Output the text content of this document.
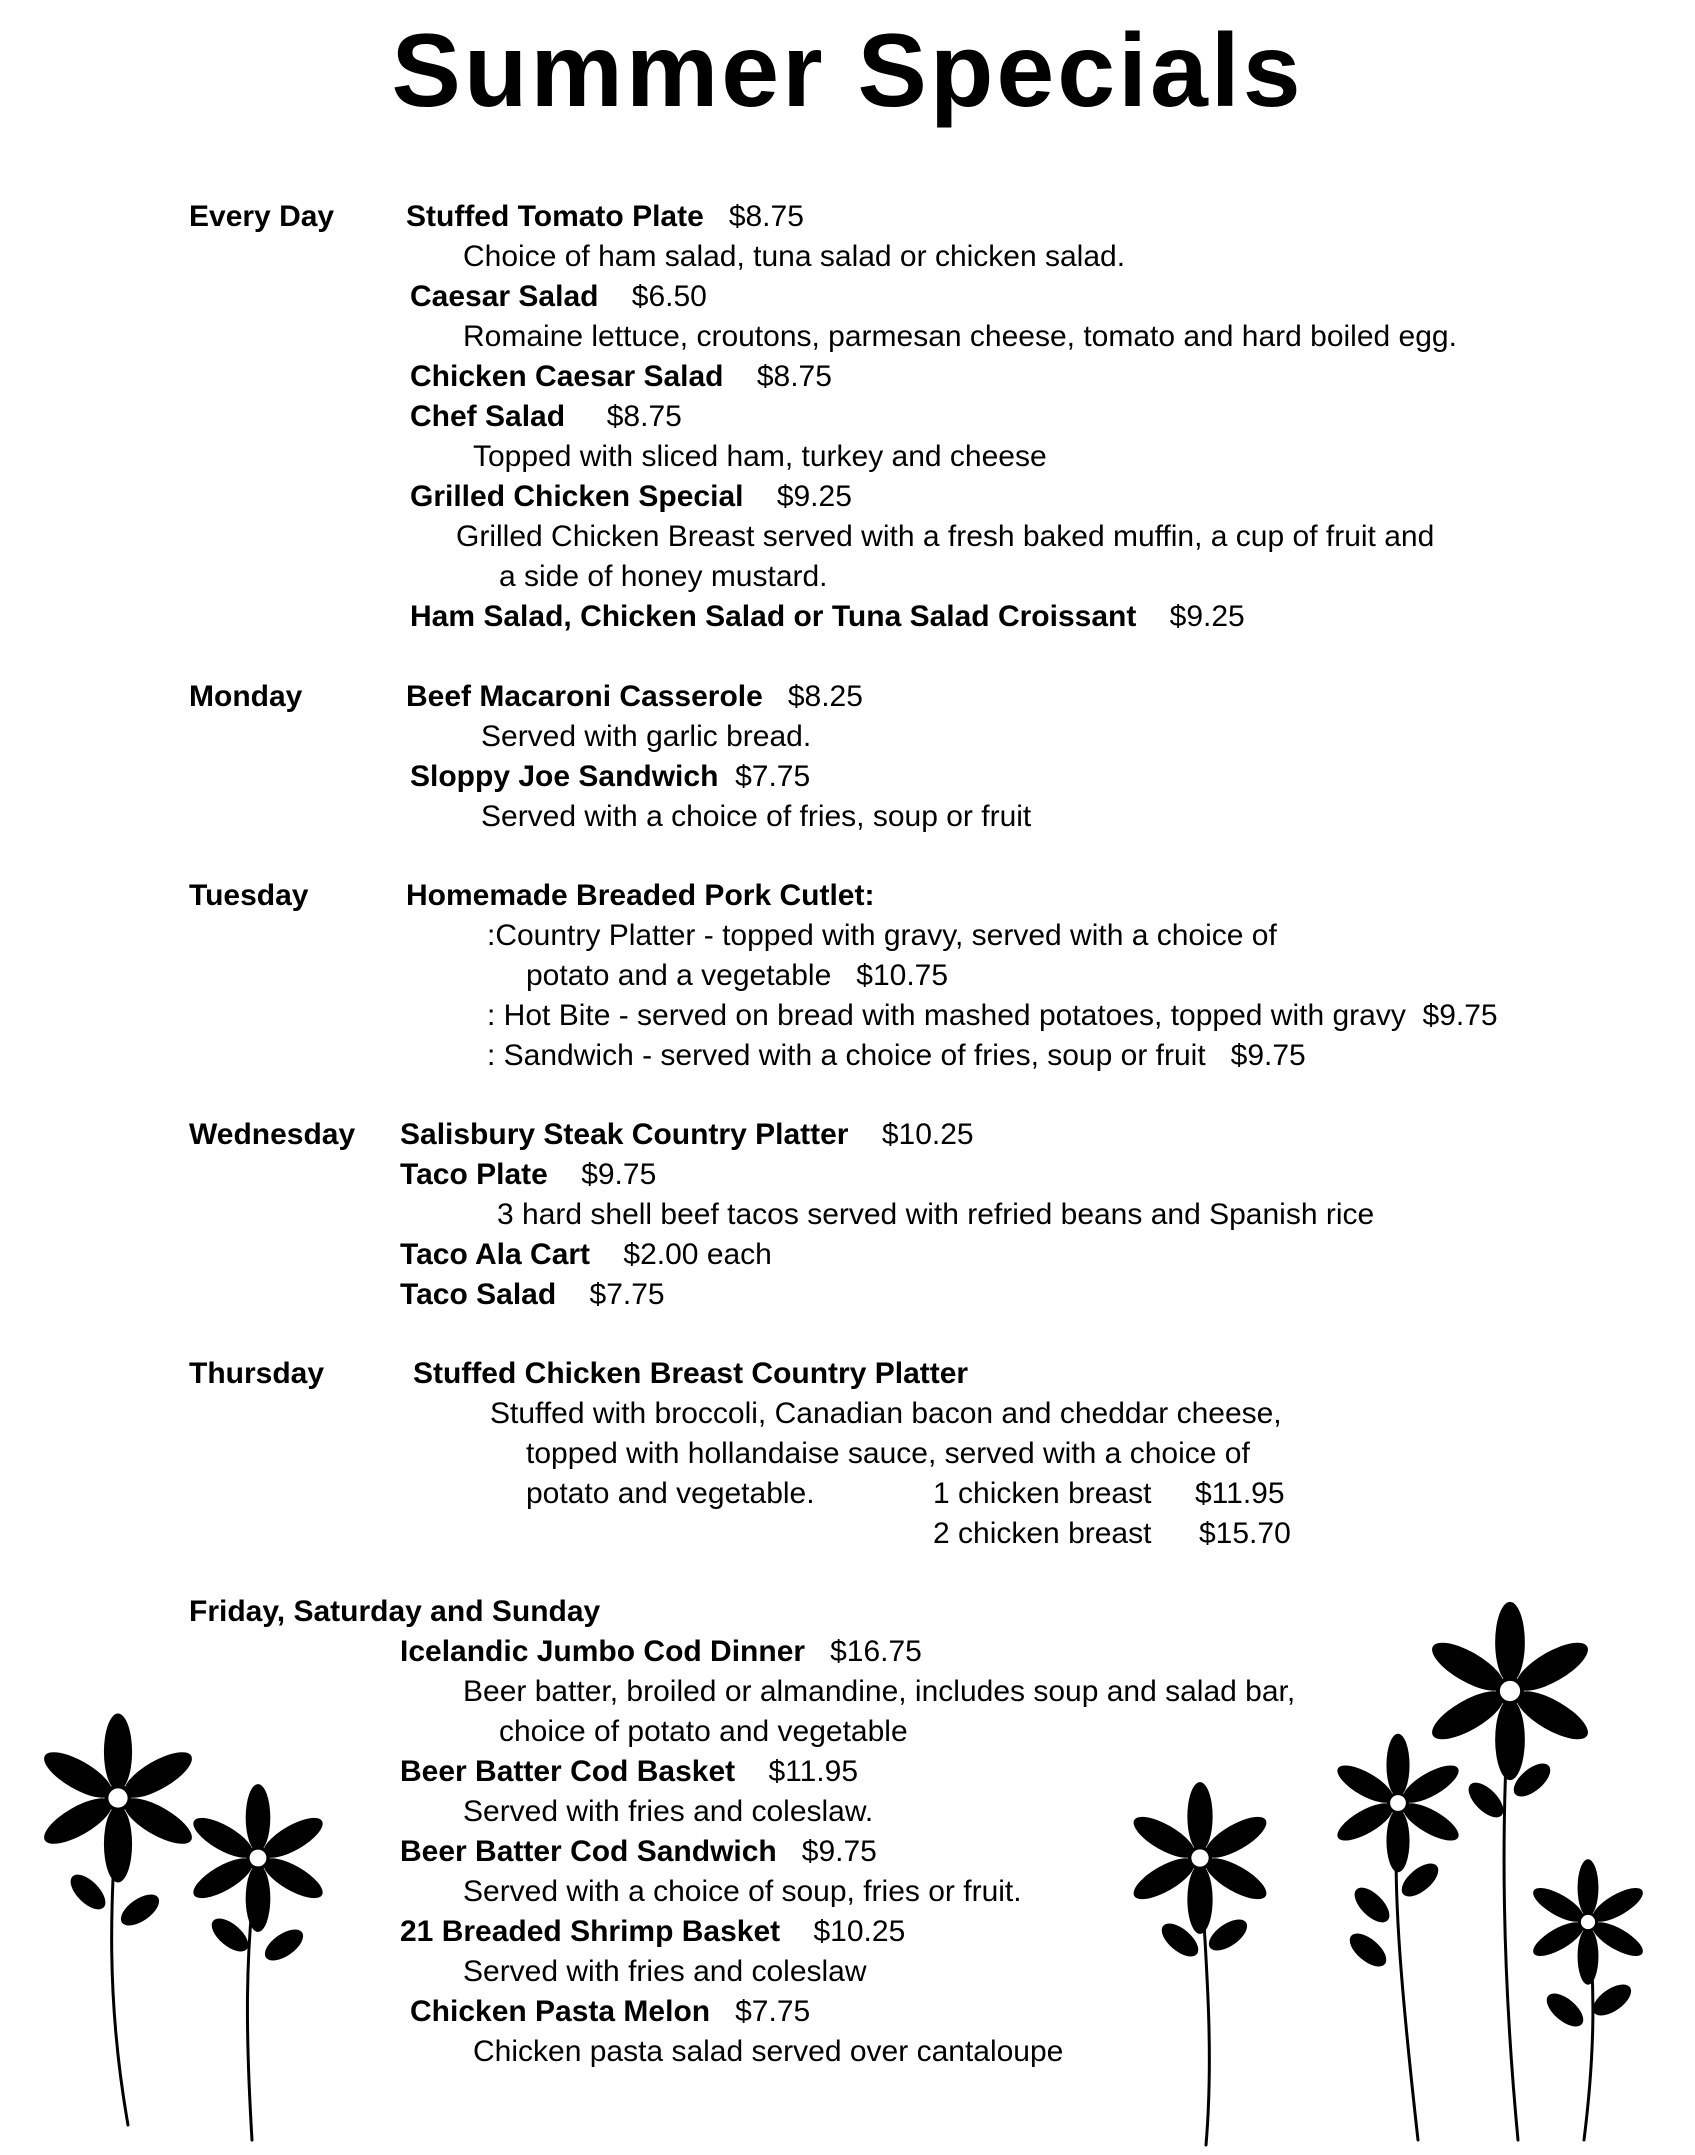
Summer Specials
Every Day Stuffed Tomato Plate $8.75
Choice of ham salad, tuna salad or chicken salad.
Caesar Salad $6.50
Romaine lettuce, croutons, parmesan cheese, tomato and hard boiled egg.
Chicken Caesar Salad $8.75
Chef Salad $8.75
Topped with sliced ham, turkey and cheese
Grilled Chicken Special $9.25
Grilled Chicken Breast served with a fresh baked muffin, a cup of fruit and
a side of honey mustard.
Ham Salad, Chicken Salad or Tuna Salad Croissant $9.25
Monday	Beef Macaroni Casserole $8.25
Served with garlic bread.
Sloppy Joe Sandwich $7.75
Served with a choice of fries, soup or fruit
Tuesday	Homemade Breaded Pork Cutlet:
:Country Platter - topped with gravy, served with a choice of
potato and a vegetable $10.75
: Hot Bite - served on bread with mashed potatoes, topped with gravy $9.75
: Sandwich - served with a choice of fries, soup or fruit $9.75
Wednesday Salisbury Steak Country Platter $10.25
Taco Plate $9.75
3 hard shell beef tacos served with refried beans and Spanish rice
Taco Ala Cart $2.00 each
Taco Salad $7.75
Thursday	Stuffed Chicken Breast Country Platter
Stuffed with broccoli, Canadian bacon and cheddar cheese,
topped with hollandaise sauce, served with a choice of
potato and vegetable.	1 chicken breast $11.95
2 chicken breast $15.70
Friday, Saturday and Sunday
Icelandic Jumbo Cod Dinner $16.75
Beer batter, broiled or almandine, includes soup and salad bar,
choice of potato and vegetable
Beer Batter Cod Basket $11.95
Served with fries and coleslaw.
Beer Batter Cod Sandwich $9.75
Served with a choice of soup, fries or fruit.
21 Breaded Shrimp Basket $10.25
Served with fries and coleslaw
Chicken Pasta Melon $7.75
Chicken pasta salad served over cantaloupe
